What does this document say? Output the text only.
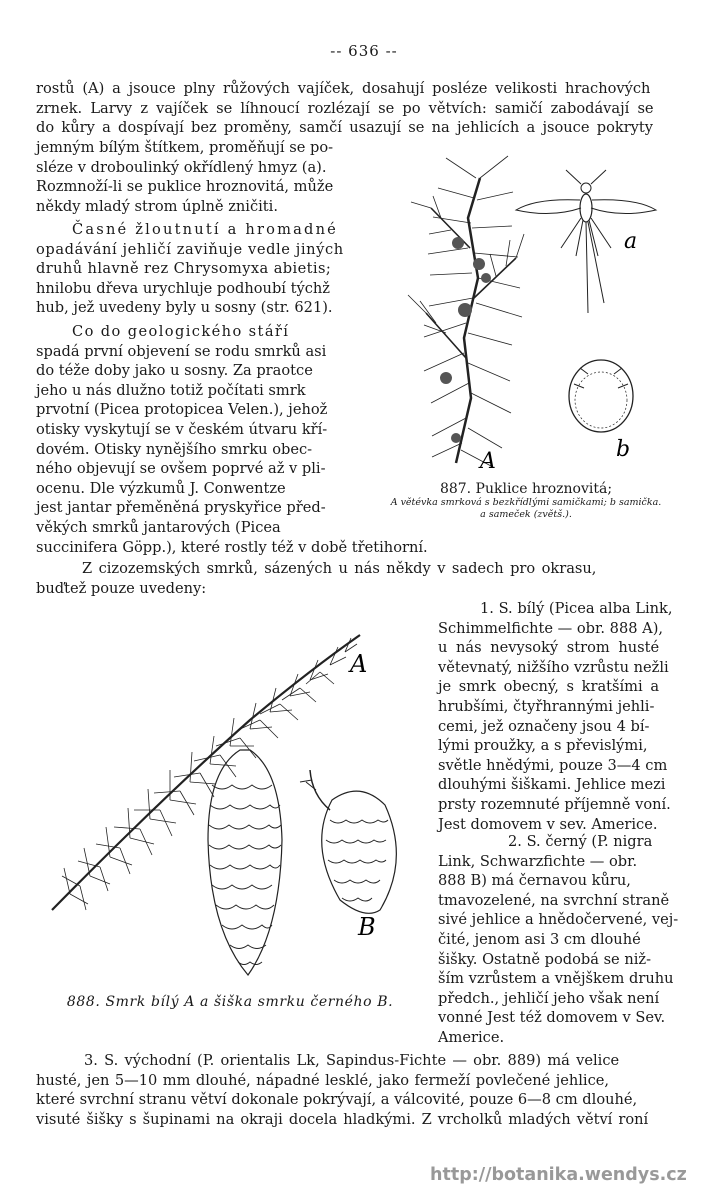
-- 636 --
rostů (A) a jsouce plny růžových vajíček, dosahují posléze velikosti hrachových
zrnek. Larvy z vajíček se líhnoucí rozlézají se po větvích: samičí zabodávají se
do kůry a dospívají bez proměny, samčí usazují se na jehlicích a jsouce pokryty
jemným bílým štítkem, proměňují se po-
sléze v droboulinký okřídlený hmyz (a).
Rozmnoží-li se puklice hroznovitá, může
někdy mladý strom úplně zničiti.
Časné žloutnutí a hromadné
opadávání jehličí zaviňuje vedle jiných
druhů hlavně rez Chrysomyxa abietis;
hnilobu dřeva urychluje podhoubí týchž
hub, jež uvedeny byly u sosny (str. 621).
Co do geologického stáří
spadá první objevení se rodu smrků asi
do téže doby jako u sosny. Za praotce
jeho u nás dlužno totiž počítati smrk
prvotní (Picea protopicea Velen.), jehož
otisky vyskytují se v českém útvaru kří-
dovém. Otisky nynějšího smrku obec-
ného objevují se ovšem poprvé až v pli-
ocenu. Dle výzkumů J. Conwentze
jest jantar přeměněná pryskyřice před-
věkých smrků jantarových (Picea
succinifera Göpp.), které rostly též v době třetihorní.
A
a
b
887. Puklice hroznovitá;
A větévka smrková s bezkřídlými samičkami; b samička.
a sameček (zvětš.).
Z cizozemských smrků, sázených u nás někdy v sadech pro okrasu,
buďtež pouze uvedeny:
A
B
888. Smrk bílý A a šiška smrku černého B.
1. S. bílý (Picea alba Link,
Schimmelfichte — obr. 888 A),
u nás nevysoký strom husté
větevnatý, nižšího vzrůstu nežli
je smrk obecný, s kratšími a
hrubšími, čtyřhrannými jehli-
cemi, jež označeny jsou 4 bí-
lými proužky, a s převislými,
světle hnědými, pouze 3—4 cm
dlouhými šiškami. Jehlice mezi
prsty rozemnuté příjemně voní.
Jest domovem v sev. Americe.
2. S. černý (P. nigra
Link, Schwarzfichte — obr.
888 B) má černavou kůru,
tmavozelené, na svrchní straně
sivé jehlice a hnědočervené, vej-
čité, jenom asi 3 cm dlouhé
šišky. Ostatně podobá se niž-
ším vzrůstem a vnějškem druhu
předch., jehličí jeho však není
vonné Jest též domovem v Sev.
Americe.
3. S. východní (P. orientalis Lk, Sapindus-Fichte — obr. 889) má velice
husté, jen 5—10 mm dlouhé, nápadné lesklé, jako fermeží povlečené jehlice,
které svrchní stranu větví dokonale pokrývají, a válcovité, pouze 6—8 cm dlouhé,
visuté šišky s šupinami na okraji docela hladkými. Z vrcholků mladých větví roní
http://botanika.wendys.cz
